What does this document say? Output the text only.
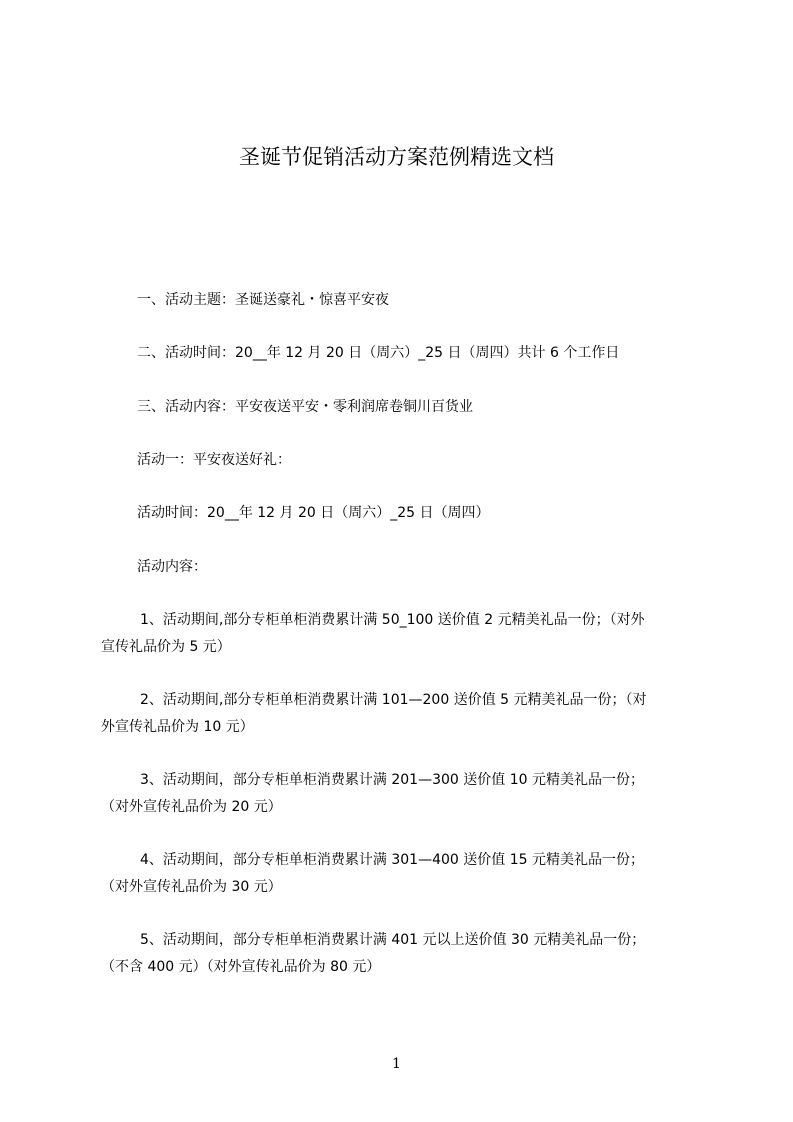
圣诞节促销活动方案范例精选文档
一、活动主题：圣诞送豪礼・惊喜平安夜
二、活动时间：20__年 12 月 20 日（周六）_25 日（周四）共计 6 个工作日
三、活动内容：平安夜送平安・零利润席卷铜川百货业
活动一：平安夜送好礼：
活动时间：20__年 12 月 20 日（周六）_25 日（周四）
活动内容：
1、活动期间,部分专柜单柜消费累计满 50_100 送价值 2 元精美礼品一份；（对外
宣传礼品价为 5 元）
2、活动期间,部分专柜单柜消费累计满 101—200 送价值 5 元精美礼品一份；（对
外宣传礼品价为 10 元）
3、活动期间，部分专柜单柜消费累计满 201—300 送价值 10 元精美礼品一份；
（对外宣传礼品价为 20 元）
4、活动期间，部分专柜单柜消费累计满 301—400 送价值 15 元精美礼品一份；
（对外宣传礼品价为 30 元）
5、活动期间，部分专柜单柜消费累计满 401 元以上送价值 30 元精美礼品一份；
（不含 400 元）（对外宣传礼品价为 80 元）
1
